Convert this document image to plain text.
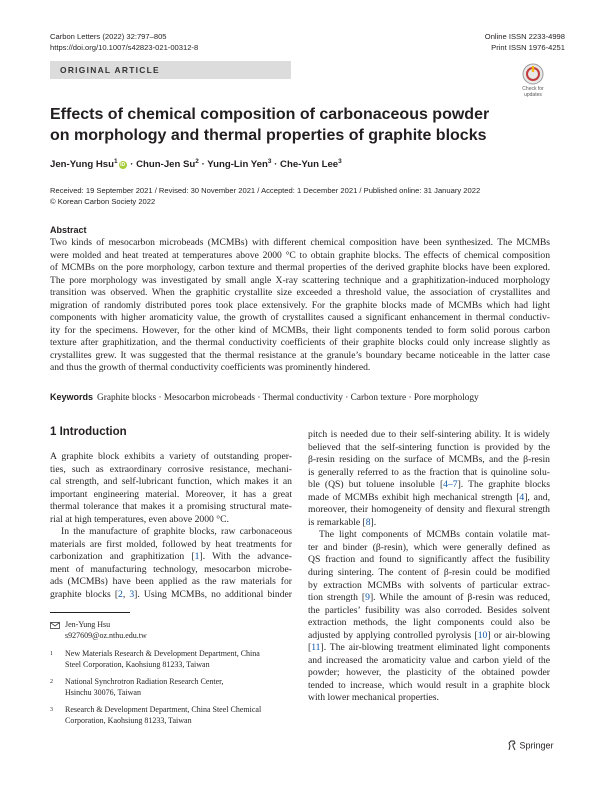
Carbon Letters (2022) 32:797–805
https://doi.org/10.1007/s42823-021-00312-8
Online ISSN 2233-4998
Print ISSN 1976-4251
ORIGINAL ARTICLE
Check for
updates
Effects of chemical composition of carbonaceous powder
on morphology and thermal properties of graphite blocks
Jen-Yung Hsu$^1$iD · Chun-Jen $Su^2$ · Yung-Lin Yen$^3$ · Che-Yun Lee$^3$
Received: 19 September 2021 / Revised: 30 November 2021 / Accepted: 1 December 2021 / Published online: 31 January 2022
© Korean Carbon Society 2022
Abstract
Two kinds of mesocarbon microbeads (MCMBs) with different chemical composition have been synthesized. The MCMBs
were molded and heat treated at temperatures above 2000 °C to obtain graphite blocks. The effects of chemical composition
of MCMBs on the pore morphology, carbon texture and thermal properties of the derived graphite blocks have been explored.
The pore morphology was investigated by small angle X-ray scattering technique and a graphitization-induced morphology
transition was observed. When the graphitic crystallite size exceeded a threshold value, the association of crystallites and
migration of randomly distributed pores took place extensively. For the graphite blocks made of MCMBs which had light
components with higher aromaticity value, the growth of crystallites caused a significant enhancement in thermal conductiv-
ity for the specimens. However, for the other kind of MCMBs, their light components tended to form solid porous carbon
texture after graphitization, and the thermal conductivity coefficients of their graphite blocks could only increase slightly as
crystallites grew. It was suggested that the thermal resistance at the granule’s boundary became noticeable in the latter case
and thus the growth of thermal conductivity coefficients was prominently hindered.
Keywords Graphite blocks · Mesocarbon microbeads · Thermal conductivity · Carbon texture · Pore morphology
1 Introduction
A graphite block exhibits a variety of outstanding proper-
ties, such as extraordinary corrosive resistance, mechani-
cal strength, and self-lubricant function, which makes it an
important engineering material. Moreover, it has a great
thermal tolerance that makes it a promising structural mate-
rial at high temperatures, even above 2000 °C.
In the manufacture of graphite blocks, raw carbonaceous
materials are first molded, followed by heat treatments for
carbonization and graphitization [1]. With the advance-
ment of manufacturing technology, mesocarbon microbe-
ads (MCMBs) have been applied as the raw materials for
graphite blocks [2, 3]. Using MCMBs, no additional binder
pitch is needed due to their self-sintering ability. It is widely
believed that the self-sintering function is provided by the
β-resin residing on the surface of MCMBs, and the β-resin
is generally referred to as the fraction that is quinoline solu-
ble (QS) but toluene insoluble [4–7]. The graphite blocks
made of MCMBs exhibit high mechanical strength [4], and,
moreover, their homogeneity of density and flexural strength
is remarkable [8].
The light components of MCMBs contain volatile mat-
ter and binder (β-resin), which were generally defined as
QS fraction and found to significantly affect the fusibility
during sintering. The content of β-resin could be modified
by extraction MCMBs with solvents of particular extrac-
tion strength [9]. While the amount of β-resin was reduced,
the particles’ fusibility was also corroded. Besides solvent
extraction methods, the light components could also be
adjusted by applying controlled pyrolysis [10] or air-blowing
[11]. The air-blowing treatment eliminated light components
and increased the aromaticity value and carbon yield of the
powder; however, the plasticity of the obtained powder
tended to increase, which would result in a graphite block
with lower mechanical properties.
Jen-Yung Hsu
s927609@oz.nthu.edu.tw
1 New Materials Research & Development Department, China
Steel Corporation, Kaohsiung 81233, Taiwan
2 National Synchrotron Radiation Research Center,
Hsinchu 30076, Taiwan
3 Research & Development Department, China Steel Chemical
Corporation, Kaohsiung 81233, Taiwan
Springer
